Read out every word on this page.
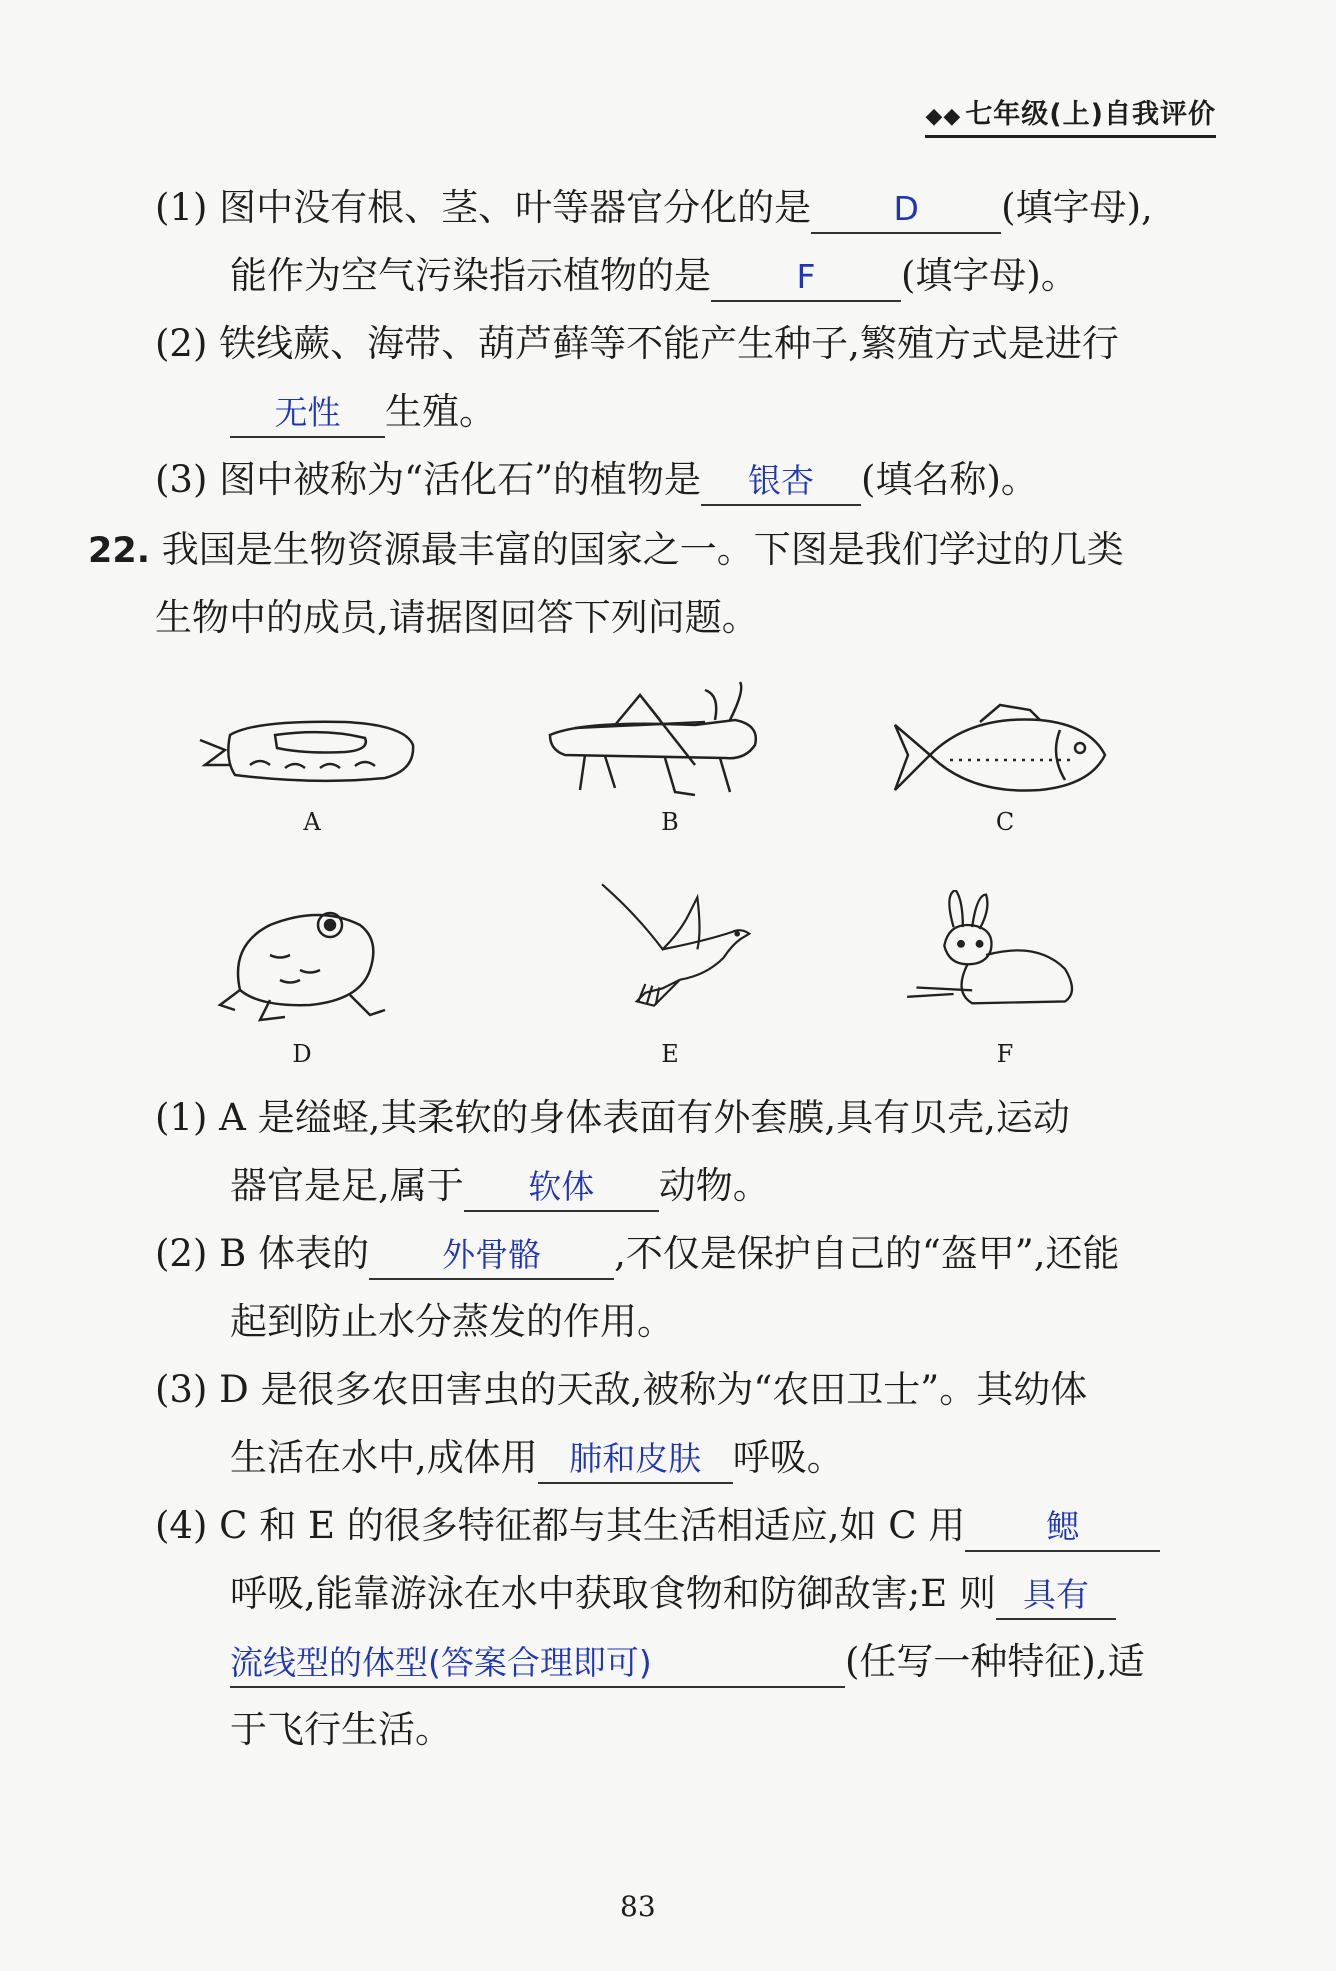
◆◆ 七年级(上)自我评价
(1) 图中没有根、茎、叶等器官分化的是 D (填字母),
能作为空气污染指示植物的是	F (填字母)。
(2) 铁线蕨、海带、葫芦藓等不能产生种子,繁殖方式是进行
无性 生殖。
(3) 图中被称为“活化石”的植物是 银杏 (填名称)。
22. 我国是生物资源最丰富的国家之一。下图是我们学过的几类
生物中的成员,请据图回答下列问题。
A	B	C
D	E	F
(1) A 是缢蛏,其柔软的身体表面有外套膜,具有贝壳,运动
器官是足,属于 软体 动物。
(2) B 体表的 外骨骼 ,不仅是保护自己的“盔甲”,还能
起到防止水分蒸发的作用。
(3) D 是很多农田害虫的天敌,被称为“农田卫士”。其幼体
生活在水中,成体用 肺和皮肤 呼吸。
(4) C 和 E 的很多特征都与其生活相适应,如 C 用 鳃
呼吸,能靠游泳在水中获取食物和防御敌害;E 则 具有
流线型的体型(答案合理即可)	(任写一种特征),适
于飞行生活。
83
